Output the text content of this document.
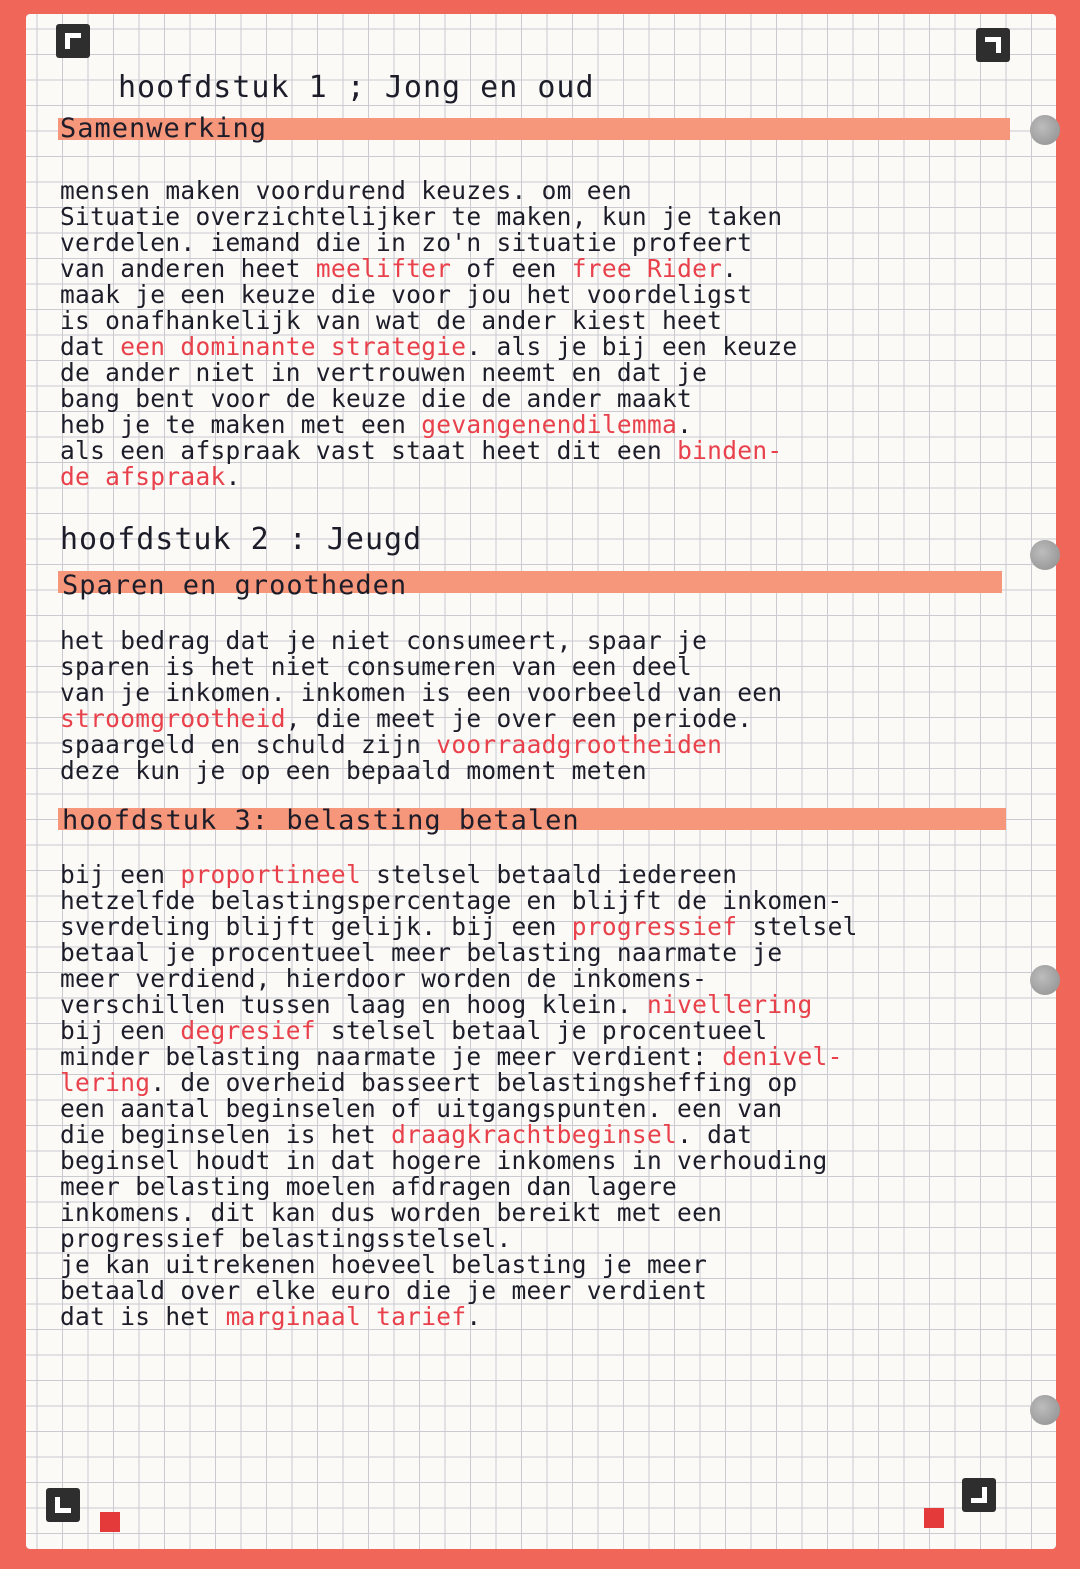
hoofdstuk 1 ; Jong en oud
Samenwerking
mensen maken voordurend keuzes. om een
Situatie overzichtelijker te maken, kun je taken
verdelen. iemand die in zo'n situatie profeert
van anderen heet meelifter of een free Rider.
maak je een keuze die voor jou het voordeligst
is onafhankelijk van wat de ander kiest heet
dat een dominante strategie. als je bij een keuze
de ander niet in vertrouwen neemt en dat je
bang bent voor de keuze die de ander maakt
heb je te maken met een gevangenendilemma.
als een afspraak vast staat heet dit een binden-
de afspraak.
hoofdstuk 2 : Jeugd
Sparen en grootheden
het bedrag dat je niet consumeert, spaar je
sparen is het niet consumeren van een deel
van je inkomen. inkomen is een voorbeeld van een
stroomgrootheid, die meet je over een periode.
spaargeld en schuld zijn voorraadgrootheiden
deze kun je op een bepaald moment meten
hoofdstuk 3: belasting betalen
bij een proportineel stelsel betaald iedereen
hetzelfde belastingspercentage en blijft de inkomen-
sverdeling blijft gelijk. bij een progressief stelsel
betaal je procentueel meer belasting naarmate je
meer verdiend, hierdoor worden de inkomens-
verschillen tussen laag en hoog klein. nivellering
bij een degresief stelsel betaal je procentueel
minder belasting naarmate je meer verdient: denivel-
lering. de overheid basseert belastingsheffing op
een aantal beginselen of uitgangspunten. een van
die beginselen is het draagkrachtbeginsel. dat
beginsel houdt in dat hogere inkomens in verhouding
meer belasting moelen afdragen dan lagere
inkomens. dit kan dus worden bereikt met een
progressief belastingsstelsel.
je kan uitrekenen hoeveel belasting je meer
betaald over elke euro die je meer verdient
dat is het marginaal tarief.
